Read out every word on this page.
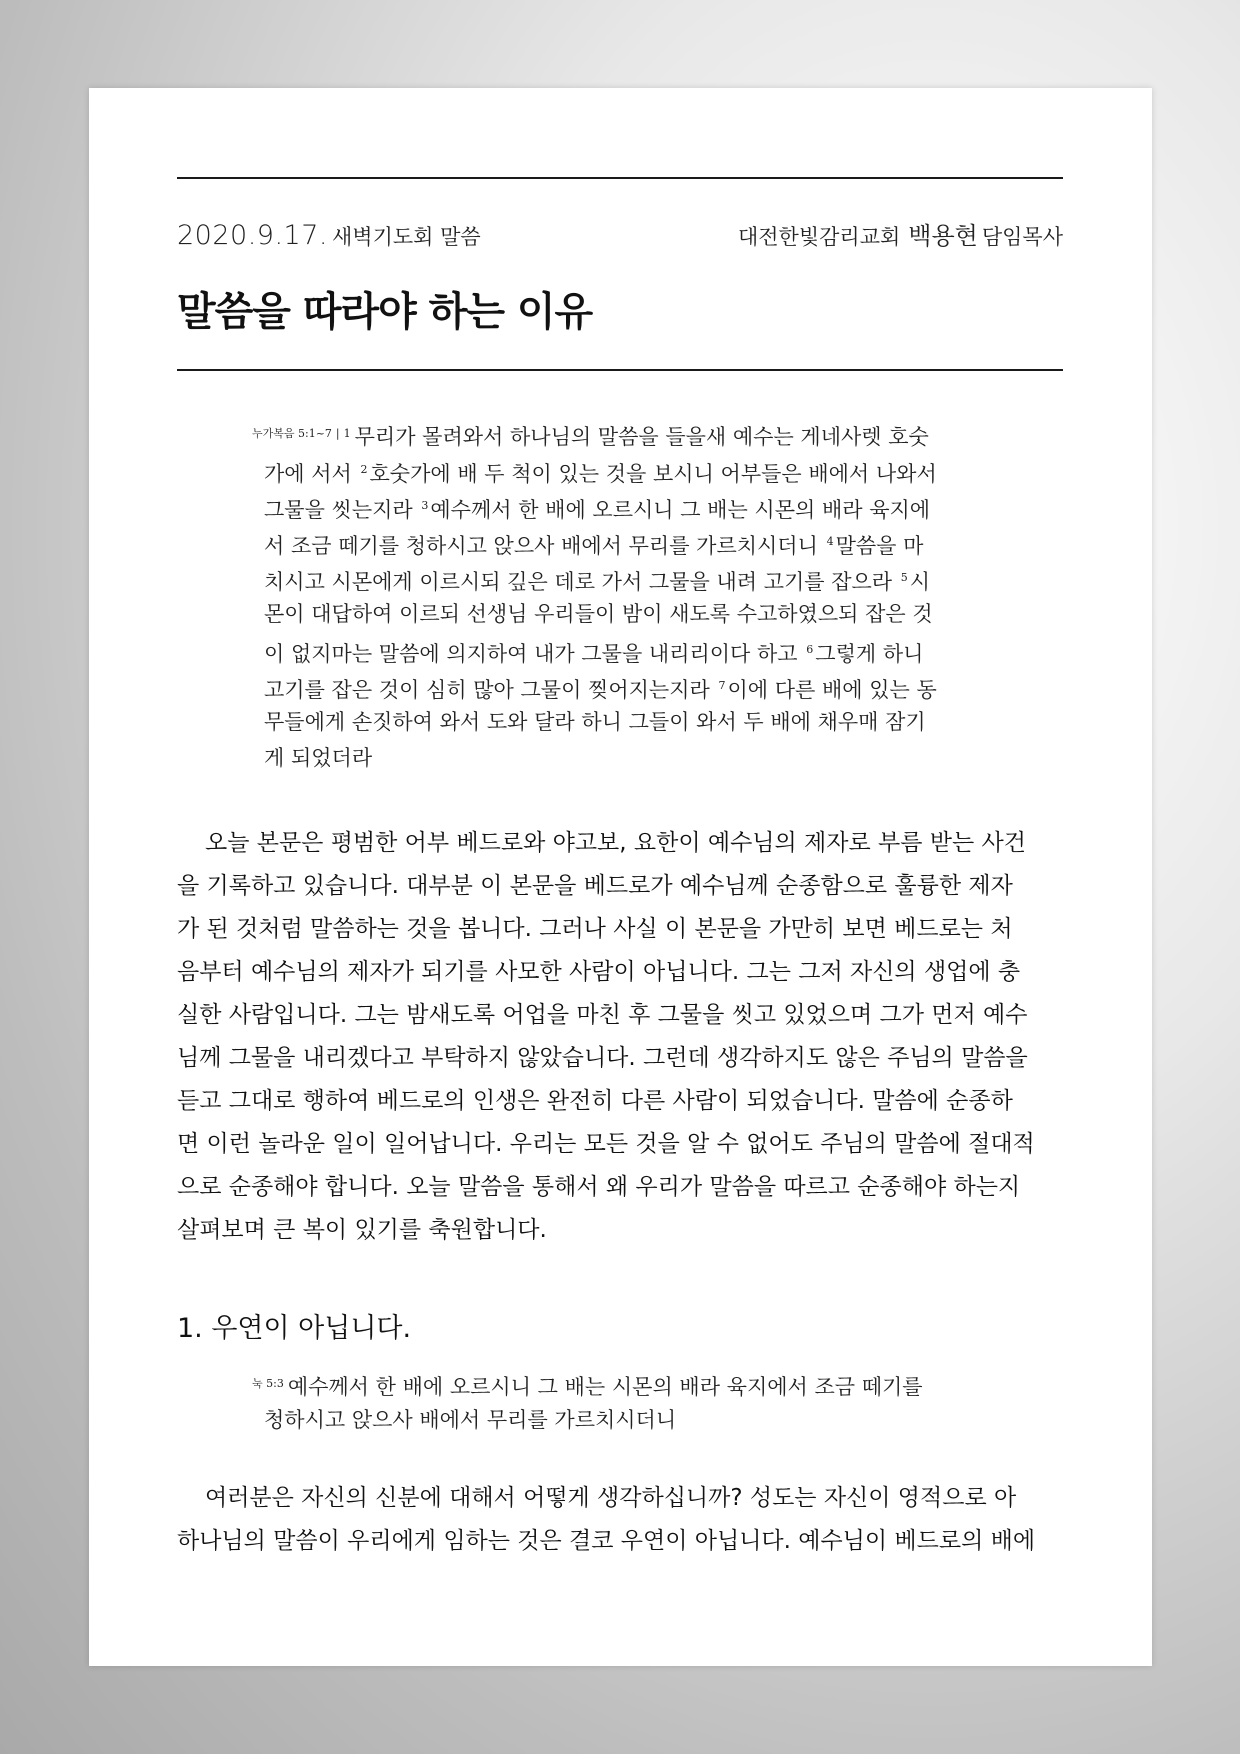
2020.9.17. 새벽기도회 말씀	대전한빛감리교회 백용현 담임목사
말씀을 따라야 하는 이유
$^{누가복음 5:1\sim 7}$ | $^1$ 무리가 몰려와서 하나님의 말씀을 들을새 예수는 게네사렛 호숫
가에 서서 $^2$호숫가에 배 두 척이 있는 것을 보시니 어부들은 배에서 나와서
그물을 씻는지라 $^3$예수께서 한 배에 오르시니 그 배는 시몬의 배라 육지에
서 조금 떼기를 청하시고 앉으사 배에서 무리를 가르치시더니 $^4$말씀을 마
치시고 시몬에게 이르시되 깊은 데로 가서 그물을 내려 고기를 잡으라 $^5$시
몬이 대답하여 이르되 선생님 우리들이 밤이 새도록 수고하였으되 잡은 것
이 없지마는 말씀에 의지하여 내가 그물을 내리리이다 하고 $^6$그렇게 하니
고기를 잡은 것이 심히 많아 그물이 찢어지는지라 $^7$이에 다른 배에 있는 동
무들에게 손짓하여 와서 도와 달라 하니 그들이 와서 두 배에 채우매 잠기
게 되었더라
오늘 본문은 평범한 어부 베드로와 야고보, 요한이 예수님의 제자로 부름 받는 사건
을 기록하고 있습니다. 대부분 이 본문을 베드로가 예수님께 순종함으로 훌륭한 제자
가 된 것처럼 말씀하는 것을 봅니다. 그러나 사실 이 본문을 가만히 보면 베드로는 처
음부터 예수님의 제자가 되기를 사모한 사람이 아닙니다. 그는 그저 자신의 생업에 충
실한 사람입니다. 그는 밤새도록 어업을 마친 후 그물을 씻고 있었으며 그가 먼저 예수
님께 그물을 내리겠다고 부탁하지 않았습니다. 그런데 생각하지도 않은 주님의 말씀을
듣고 그대로 행하여 베드로의 인생은 완전히 다른 사람이 되었습니다. 말씀에 순종하
면 이런 놀라운 일이 일어납니다. 우리는 모든 것을 알 수 없어도 주님의 말씀에 절대적
으로 순종해야 합니다. 오늘 말씀을 통해서 왜 우리가 말씀을 따르고 순종해야 하는지
살펴보며 큰 복이 있기를 축원합니다.
1. 우연이 아닙니다.
$^{눅 5:3}$ 예수께서 한 배에 오르시니 그 배는 시몬의 배라 육지에서 조금 떼기를
청하시고 앉으사 배에서 무리를 가르치시더니
여러분은 자신의 신분에 대해서 어떻게 생각하십니까? 성도는 자신이 영적으로 아
하나님의 말씀이 우리에게 임하는 것은 결코 우연이 아닙니다. 예수님이 베드로의 배에
